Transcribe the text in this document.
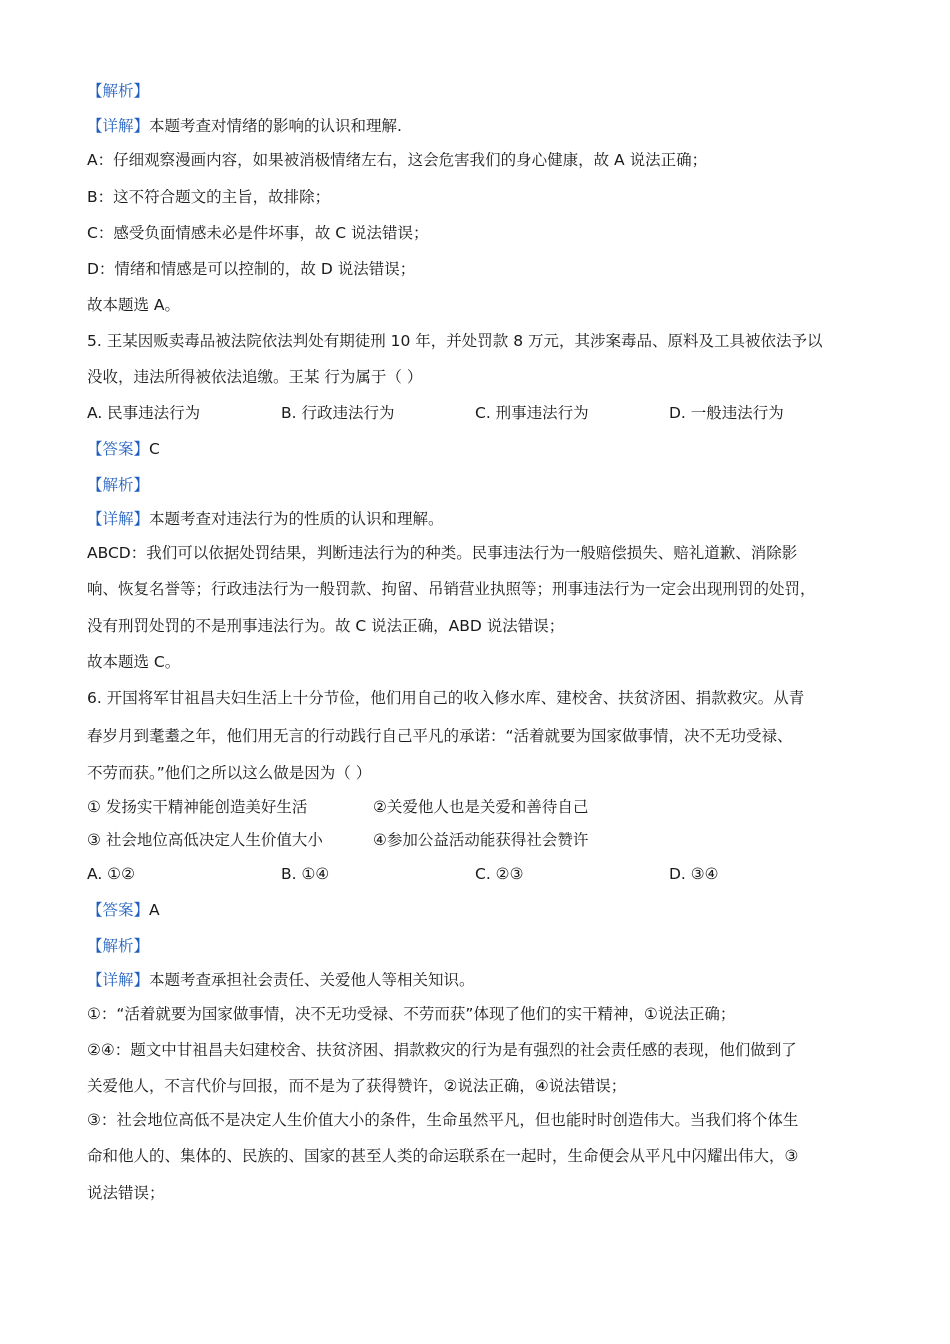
【解析】
【详解】本题考查对情绪的影响的认识和理解.
A：仔细观察漫画内容，如果被消极情绪左右，这会危害我们的身心健康，故 A 说法正确；
B：这不符合题文的主旨，故排除；
C：感受负面情感未必是件坏事，故 C 说法错误；
D：情绪和情感是可以控制的，故 D 说法错误；
故本题选 A。
5. 王某因贩卖毒品被法院依法判处有期徒刑 10 年，并处罚款 8 万元，其涉案毒品、原料及工具被依法予以
没收，违法所得被依法追缴。王某 行为属于（ ）
A. 民事违法行为	B. 行政违法行为	C. 刑事违法行为	D. 一般违法行为
【答案】C
【解析】
【详解】本题考查对违法行为的性质的认识和理解。
ABCD：我们可以依据处罚结果，判断违法行为的种类。民事违法行为一般赔偿损失、赔礼道歉、消除影
响、恢复名誉等；行政违法行为一般罚款、拘留、吊销营业执照等；刑事违法行为一定会出现刑罚的处罚，
没有刑罚处罚的不是刑事违法行为。故 C 说法正确，ABD 说法错误；
故本题选 C。
6. 开国将军甘祖昌夫妇生活上十分节俭，他们用自己的收入修水库、建校舍、扶贫济困、捐款救灾。从青
春岁月到耄耋之年，他们用无言的行动践行自己平凡的承诺：“活着就要为国家做事情，决不无功受禄、
不劳而获。”他们之所以这么做是因为（ ）
① 发扬实干精神能创造美好生活	②关爱他人也是关爱和善待自己
③ 社会地位高低决定人生价值大小	④参加公益活动能获得社会赞许
A. ①②	B. ①④	C. ②③	D. ③④
【答案】A
【解析】
【详解】本题考查承担社会责任、关爱他人等相关知识。
①：“活着就要为国家做事情，决不无功受禄、不劳而获”体现了他们的实干精神，①说法正确；
②④：题文中甘祖昌夫妇建校舍、扶贫济困、捐款救灾的行为是有强烈的社会责任感的表现，他们做到了
关爱他人，不言代价与回报，而不是为了获得赞许，②说法正确，④说法错误；
③：社会地位高低不是决定人生价值大小的条件，生命虽然平凡，但也能时时创造伟大。当我们将个体生
命和他人的、集体的、民族的、国家的甚至人类的命运联系在一起时，生命便会从平凡中闪耀出伟大，③
说法错误；
